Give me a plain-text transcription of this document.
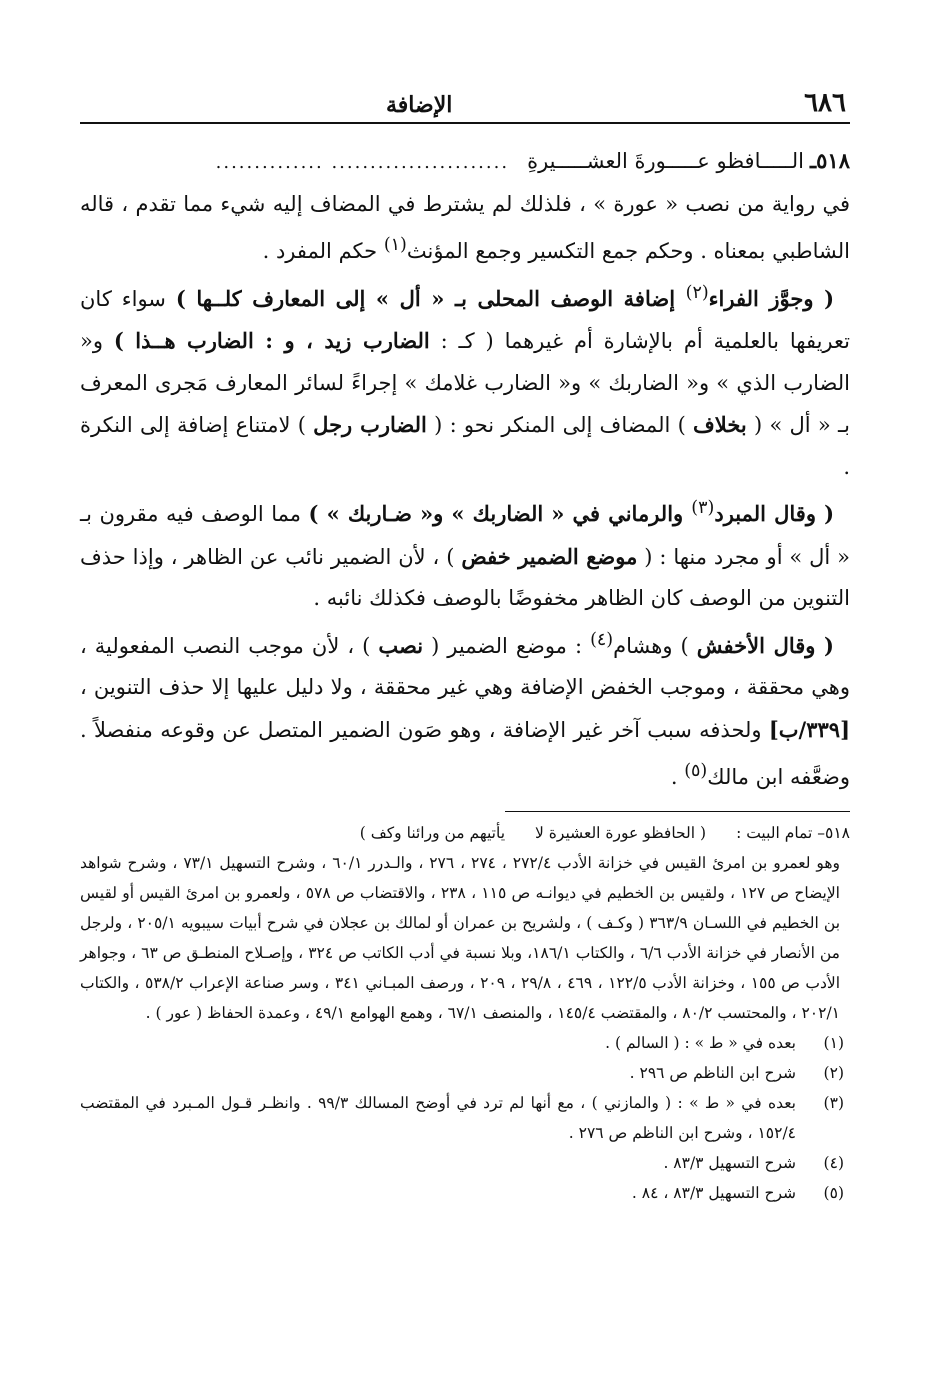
٦٨٦
الإضافة
٥١٨ـ
الـــــافظو عـــــورةَ العشـــــيرةِ
....................... ..............

في رواية من نصب « عورة » ، فلذلك لم يشترط في المضاف إليه شيء مما تقدم ، قاله الشاطبي بمعناه . وحكم جمع التكسير وجمع المؤنث$^{(١)}$ حكم المفرد .

( وجوَّز الفراء$^{(٢)}$ إضافة الوصف المحلى بـ « أل » إلى المعارف كلــها ) سواء كان تعريفها بالعلمية أم بالإشارة أم غيرهما ( كـ : الضارب زيد ، و : الضارب هــذا ) و« الضارب الذي » و« الضاربك » و« الضارب غلامك » إجراءً لسائر المعارف مَجرى المعرف بـ « أل » ( بخلاف ) المضاف إلى المنكر نحو : ( الضارب رجل ) لامتناع إضافة إلى النكرة .

( وقال المبرد$^{(٣)}$ والرماني في « الضاربك » و« ضـاربك » ) مما الوصف فيه مقرون بـ « أل » أو مجرد منها : ( موضع الضمير خفض ) ، لأن الضمير نائب عن الظاهر ، وإذا حذف التنوين من الوصف كان الظاهر مخفوضًا بالوصف فكذلك نائبه .

( وقال الأخفش ) وهشام$^{(٤)}$ : موضع الضمير ( نصب ) ، لأن موجب النصب المفعولية ، وهي محققة ، وموجب الخفض الإضافة وهي غير محققة ، ولا دليل عليها إلا حذف التنوين ، [٣٣٩/ب] ولحذفه سبب آخر غير الإضافة ، وهو صَون الضمير المتصل عن وقوعه منفصلاً . وضعَّفه ابن مالك$^{(٥)}$ .

٥١٨– تمام البيت :
( الحافظو عورة العشيرة لا
يأتيهم من ورائنا وكف )

وهو لعمرو بن امرئ القيس في خزانة الأدب ٢٧٢/٤ ، ٢٧٤ ، ٢٧٦ ، والـدرر ٦٠/١ ، وشرح التسهيل ٧٣/١ ، وشرح شواهد الإيضاح ص ١٢٧ ، ولقيس بن الخطيم في ديوانـه ص ١١٥ ، ٢٣٨ ، والاقتضاب ص ٥٧٨ ، ولعمرو بن امرئ القيس أو لقيس بن الخطيم في اللسـان ٣٦٣/٩ ( وكـف ) ، ولشريح بن عمران أو لمالك بن عجلان في شرح أبيات سيبويه ٢٠٥/١ ، ولرجل من الأنصار في خزانة الأدب ٦/٦ ، والكتاب ١٨٦/١، وبلا نسبة في أدب الكاتب ص ٣٢٤ ، وإصـلاح المنطـق ص ٦٣ ، وجواهر الأدب ص ١٥٥ ، وخزانة الأدب ١٢٢/٥ ، ٤٦٩ ، ٢٩/٨ ، ٢٠٩ ، ورصف المبـاني ٣٤١ ، وسر صناعة الإعراب ٥٣٨/٢ ، والكتاب ٢٠٢/١ ، والمحتسب ٨٠/٢ ، والمقتضب ١٤٥/٤ ، والمنصف ٦٧/١ ، وهمع الهوامع ٤٩/١ ، وعمدة الحفاظ ( عور ) .

(١)
بعده في « ط » : ( السالم ) .
(٢)
شرح ابن الناظم ص ٢٩٦ .
(٣)
بعده في « ط » : ( والمازني ) ، مع أنها لم ترد في أوضح المسالك ٩٩/٣ . وانظـر قـول المـبرد في المقتضب ١٥٢/٤ ، وشرح ابن الناظم ص ٢٧٦ .
(٤)
شرح التسهيل ٨٣/٣ .
(٥)
شرح التسهيل ٨٣/٣ ، ٨٤ .
